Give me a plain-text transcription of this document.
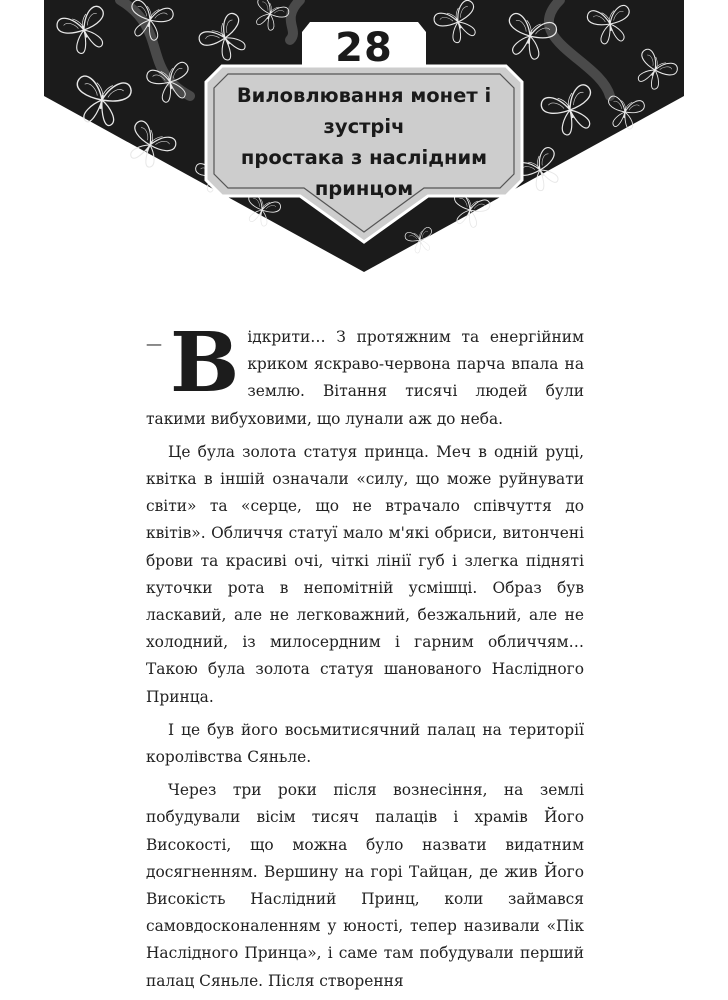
28
Виловлювання монет і зустріч
простака з наслідним
принцом

— В ідкрити… З протяжним та енергійним криком яскраво-червона парча впала на землю. Вітання тисячі людей були такими вибуховими, що лунали аж до неба.

Це була золота статуя принца. Меч в одній руці, квітка в іншій означали «силу, що може руйнувати світи» та «серце, що не втрачало співчуття до квітів». Обличчя статуї мало м'які обриси, витончені брови та красиві очі, чіткі лінії губ і злегка підняті куточки рота в непомітній усмішці. Образ був ласкавий, але не легковажний, безжальний, але не холодний, із милосердним і гарним обличчям… Такою була золота статуя шанованого Наслідного Принца.

І це був його восьмитисячний палац на території королівства Сяньле.

Через три роки після вознесіння, на землі побудували вісім тисяч палаців і храмів Його Високості, що можна було назвати видатним досягненням. Вершину на горі Тайцан, де жив Його Високість Наслідний Принц, коли займався самовдосконаленням у юності, тепер називали «Пік Наслідного Принца», і саме там побудували перший палац Сяньле. Після створення
